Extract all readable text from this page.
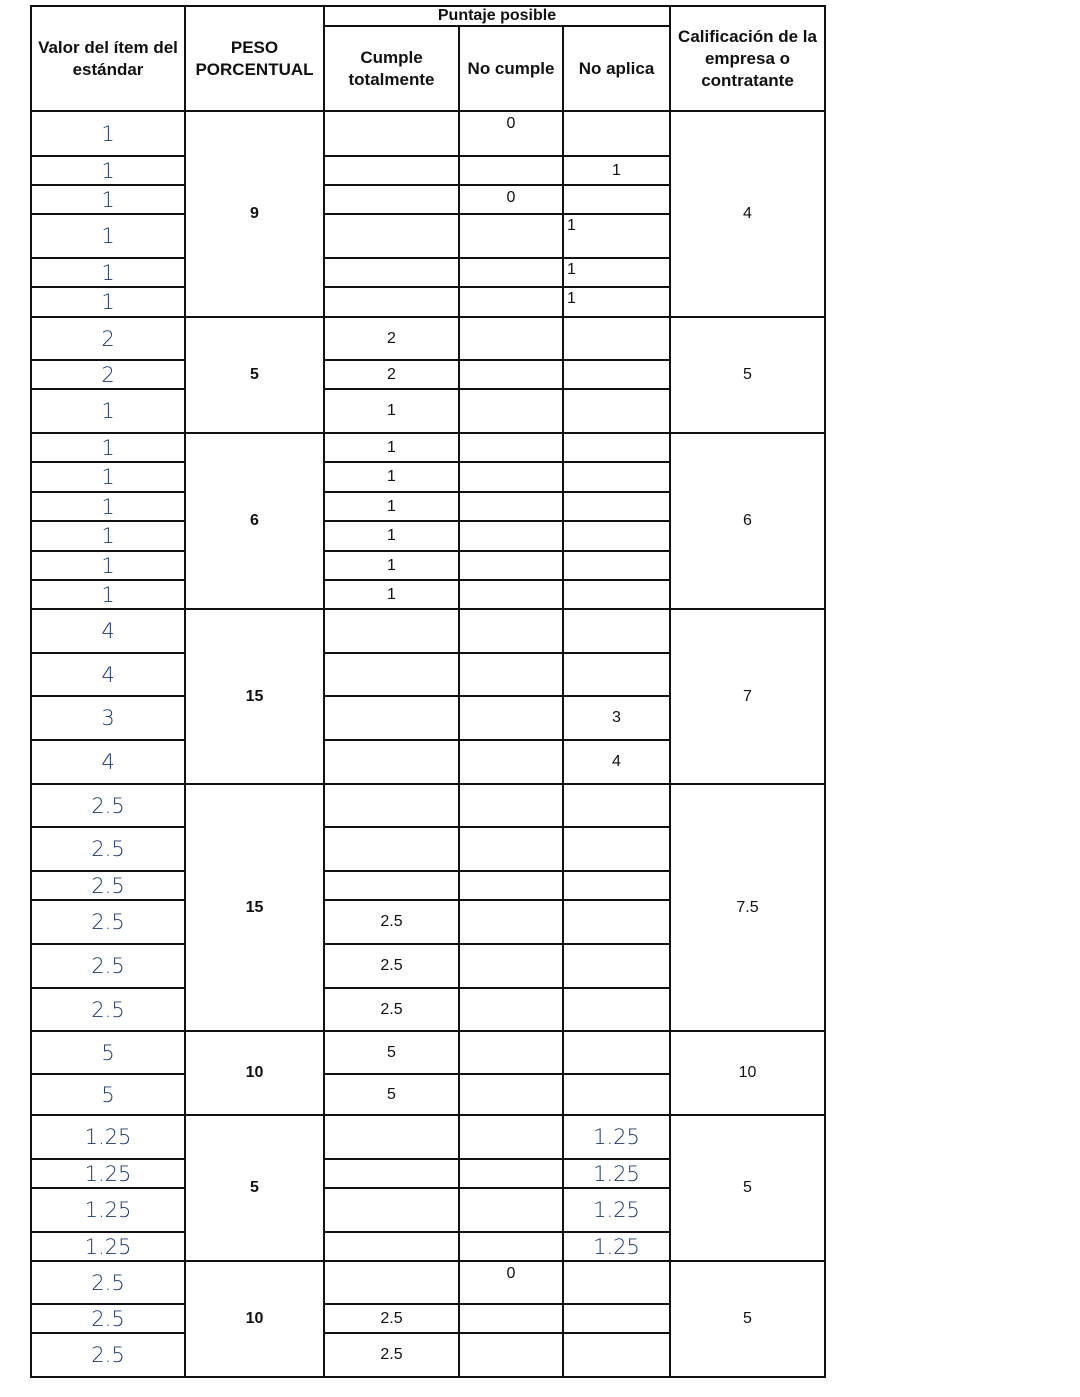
Valor del ítem del estándar	PESO PORCENTUAL	Puntaje posible			Calificación de la empresa o contratante
		Cumple totalmente	No cumple	No aplica	
1	9		0		4
1				1	
1			0		
1				1	
1				1	
1				1	
2	5	2			5
2		2			
1		1			
1	6	1			6
1		1			
1		1			
1		1			
1		1			
1		1			
4	15				7
4					
3				3	
4				4	
2.5	15				7.5
2.5					
2.5					
2.5		2.5			
2.5		2.5			
2.5		2.5			
5	10	5			10
5		5			
1.25	5			1.25	5
1.25				1.25	
1.25				1.25	
1.25				1.25	
2.5	10		0		5
2.5		2.5			
2.5		2.5			
